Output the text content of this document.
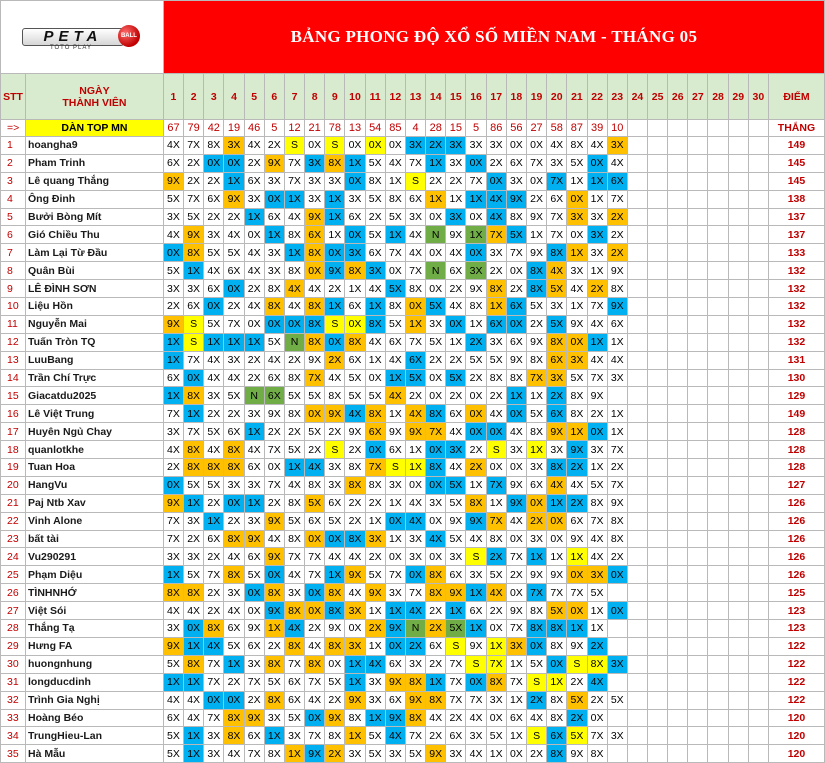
PETA BALL
TOTO PLAY		BẢNG PHONG ĐỘ XỔ SỐ MIỀN NAM - THÁNG 05																														
STT	NGÀY
THÀNH VIÊN	1	2	3	4	5	6	7	8	9	10	11	12	13	14	15	16	17	18	19	20	21	22	23	24	25	26	27	28	29	30	ĐIỂM
=>	DÀN TOP MN	67	79	42	19	46	5	12	21	78	13	54	85	4	28	15	5	86	56	27	58	87	39	10								THẮNG
1	hoangha9	4X	7X	8X	3X	4X	2X	S	0X	S	0X	0X	0X	3X	2X	3X	3X	3X	0X	0X	4X	8X	4X	3X								149
2	Pham Trinh	6X	2X	0X	0X	2X	9X	7X	3X	8X	1X	5X	4X	7X	1X	3X	0X	2X	6X	7X	3X	5X	0X	4X								145
3	Lê quang Thắng	9X	2X	2X	1X	6X	3X	7X	3X	3X	0X	8X	1X	S	2X	2X	7X	0X	3X	0X	7X	1X	1X	6X								145
4	Ông Đinh	5X	7X	6X	9X	3X	0X	1X	3X	1X	3X	5X	8X	6X	1X	1X	1X	4X	9X	2X	6X	0X	1X	7X								138
5	Bưởi Bòng Mít	3X	5X	2X	2X	1X	6X	4X	9X	1X	6X	2X	5X	3X	0X	3X	0X	4X	8X	9X	7X	3X	3X	2X								137
6	Gió Chiều Thu	4X	9X	3X	4X	0X	1X	8X	6X	1X	0X	5X	1X	4X	N	9X	1X	7X	5X	1X	7X	0X	3X	2X								137
7	Làm Lại Từ Đầu	0X	8X	5X	5X	4X	3X	1X	8X	0X	3X	6X	7X	4X	0X	4X	0X	3X	7X	9X	8X	1X	3X	2X								133
8	Quân Bùi	5X	1X	4X	6X	4X	3X	8X	0X	9X	8X	3X	0X	7X	N	6X	3X	2X	0X	8X	4X	3X	1X	9X								132
9	LÊ ĐÌNH SƠN	3X	3X	6X	0X	2X	8X	4X	4X	2X	1X	4X	5X	8X	0X	2X	9X	8X	2X	8X	5X	4X	2X	8X								132
10	Liệu Hồn	2X	6X	0X	2X	4X	8X	4X	8X	1X	6X	1X	8X	0X	5X	4X	8X	1X	6X	5X	3X	1X	7X	9X								132
11	Nguyễn Mai	9X	S	5X	7X	0X	0X	0X	8X	S	0X	8X	5X	1X	3X	0X	1X	6X	0X	2X	5X	9X	4X	6X								132
12	Tuấn Tròn TQ	1X	S	1X	1X	1X	5X	N	8X	0X	8X	4X	6X	7X	5X	1X	2X	3X	6X	9X	8X	0X	1X	1X								132
13	LuuBang	1X	7X	4X	3X	2X	4X	2X	9X	2X	6X	1X	4X	6X	2X	2X	5X	5X	9X	8X	6X	3X	4X	4X								131
14	Trần Chí Trực	6X	0X	4X	4X	2X	6X	8X	7X	4X	5X	0X	1X	5X	0X	5X	2X	8X	8X	7X	3X	5X	7X	3X								130
15	Giacatdu2025	1X	8X	3X	5X	N	6X	5X	5X	8X	5X	5X	4X	2X	0X	2X	0X	2X	1X	1X	2X	8X	9X									129
16	Lê Việt Trung	7X	1X	2X	2X	3X	9X	8X	0X	9X	4X	8X	1X	4X	8X	6X	0X	4X	0X	5X	6X	8X	2X	1X								149
17	Huyên Ngủ Chay	3X	7X	5X	6X	1X	2X	2X	5X	2X	9X	6X	9X	9X	7X	4X	0X	0X	4X	8X	9X	1X	0X	1X								128
18	quanlotkhe	4X	8X	4X	8X	4X	7X	5X	2X	S	2X	0X	6X	1X	0X	3X	2X	S	3X	1X	3X	9X	3X	7X								128
19	Tuan Hoa	2X	8X	8X	8X	6X	0X	1X	4X	3X	8X	7X	S	1X	8X	4X	2X	0X	0X	3X	8X	2X	1X	2X								128
20	HangVu	0X	5X	5X	3X	3X	7X	4X	8X	3X	8X	8X	3X	0X	0X	5X	1X	7X	9X	6X	4X	4X	5X	7X								127
21	Paj Ntb Xav	9X	1X	2X	0X	1X	2X	8X	5X	6X	2X	2X	1X	4X	3X	5X	8X	1X	9X	0X	1X	2X	8X	9X								126
22	Vinh Alone	7X	3X	1X	2X	3X	9X	5X	6X	5X	2X	1X	0X	4X	0X	9X	9X	7X	4X	2X	0X	6X	7X	8X								126
23	bất tài	7X	2X	6X	8X	9X	4X	8X	0X	0X	8X	3X	1X	3X	4X	5X	4X	8X	0X	3X	0X	9X	4X	8X								126
24	Vu290291	3X	3X	2X	4X	6X	9X	7X	7X	4X	4X	2X	0X	3X	0X	3X	S	2X	7X	1X	1X	1X	4X	2X								126
25	Phạm Diệu	1X	5X	7X	8X	5X	0X	4X	7X	1X	9X	5X	7X	0X	8X	6X	3X	5X	2X	9X	9X	0X	3X	0X								126
26	TÌNHNHỚ	8X	8X	2X	3X	0X	8X	3X	0X	8X	4X	9X	3X	7X	8X	9X	1X	4X	0X	7X	7X	7X	5X									125
27	Việt Sói	4X	4X	2X	4X	0X	9X	8X	0X	8X	3X	1X	1X	4X	2X	1X	6X	2X	9X	8X	5X	0X	1X	0X								123
28	Thắng Tạ	3X	0X	8X	6X	9X	1X	4X	2X	9X	0X	2X	9X	N	2X	5X	1X	0X	7X	8X	8X	1X	1X									123
29	Hưng FA	9X	1X	4X	5X	6X	2X	8X	4X	8X	3X	1X	0X	2X	6X	S	9X	1X	3X	0X	8X	9X	2X									122
30	huongnhung	5X	8X	7X	1X	3X	8X	7X	8X	0X	1X	4X	6X	3X	2X	7X	S	7X	1X	5X	0X	S	8X	3X								122
31	longducdinh	1X	1X	7X	2X	7X	5X	6X	7X	5X	1X	3X	9X	8X	1X	7X	0X	8X	7X	S	1X	2X	4X									122
32	Trình Gia Nghị	4X	4X	0X	0X	2X	8X	6X	4X	2X	9X	3X	6X	9X	8X	7X	7X	3X	1X	2X	8X	5X	2X	5X								122
33	Hoàng Béo	6X	4X	7X	8X	9X	3X	5X	0X	9X	8X	1X	9X	8X	4X	2X	4X	0X	6X	4X	8X	2X	0X									120
34	TrungHieu-Lan	5X	1X	3X	8X	6X	1X	3X	7X	8X	1X	5X	4X	7X	2X	6X	3X	5X	1X	S	6X	5X	7X	3X								120
35	Hà Mẫu	5X	1X	3X	4X	7X	8X	1X	9X	2X	3X	5X	3X	5X	9X	3X	4X	1X	0X	2X	8X	9X	8X									120
